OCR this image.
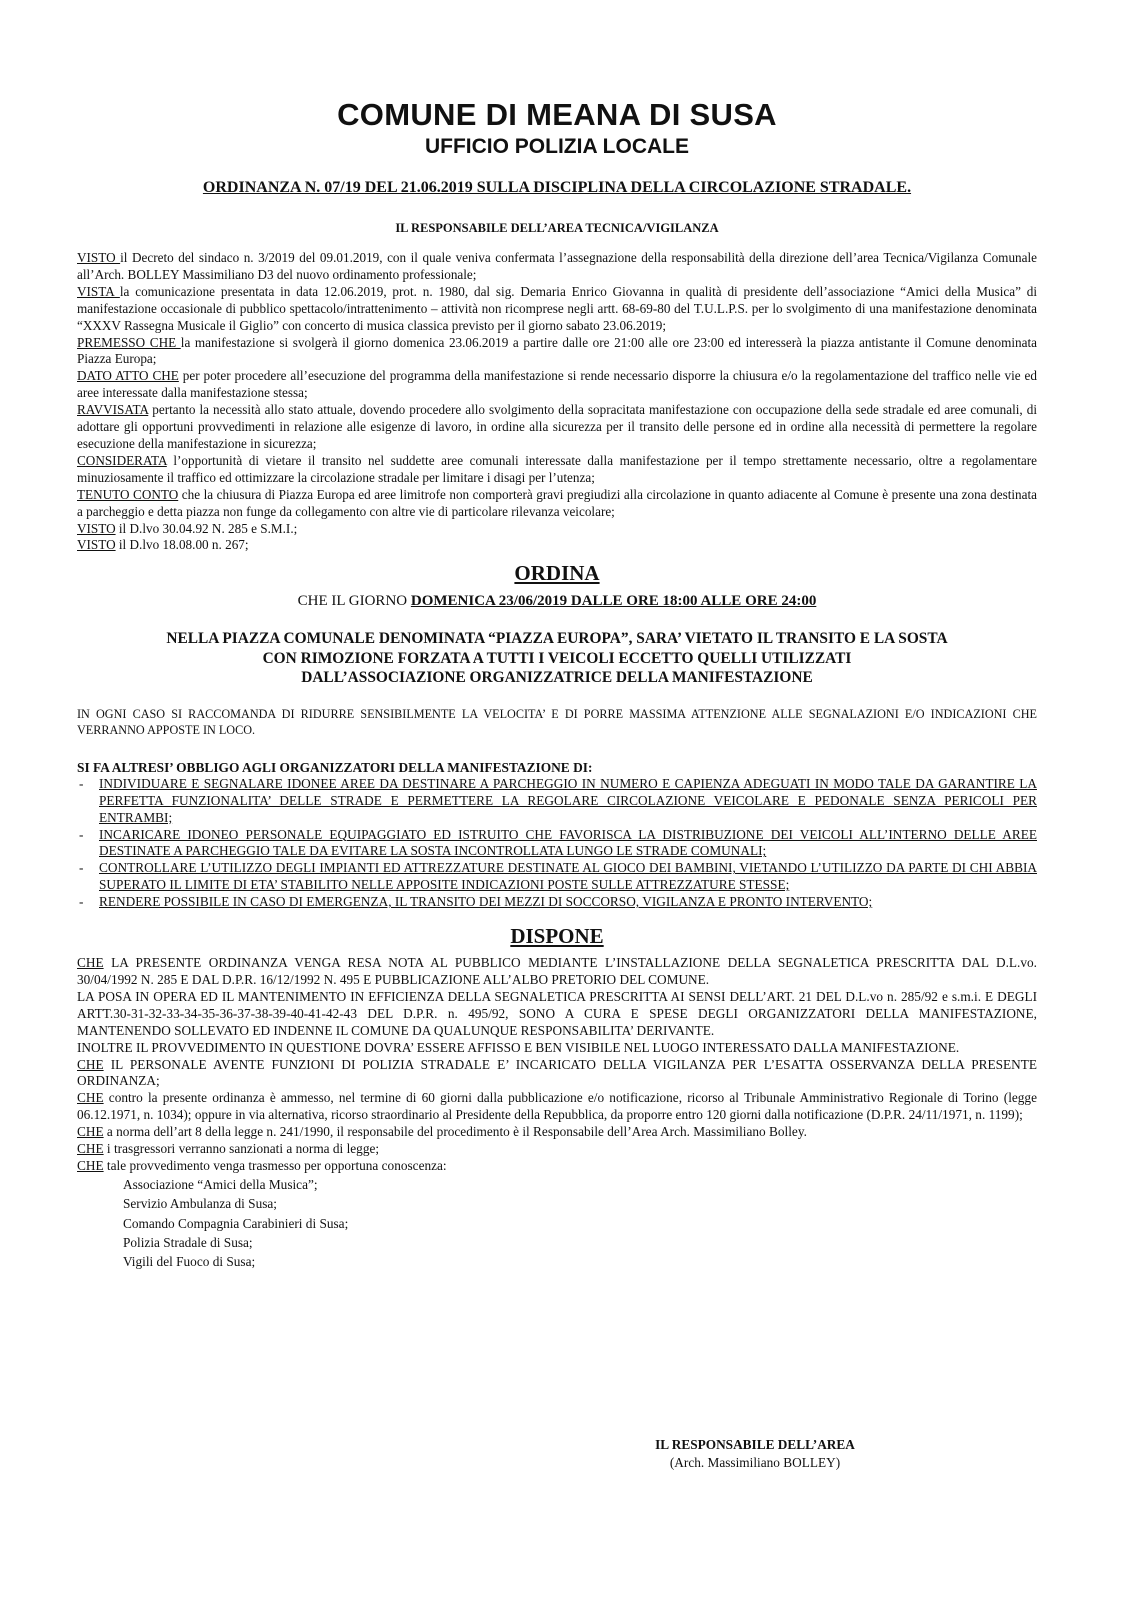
COMUNE DI MEANA DI SUSA
UFFICIO POLIZIA LOCALE
ORDINANZA N. 07/19 DEL 21.06.2019 SULLA DISCIPLINA DELLA CIRCOLAZIONE STRADALE.
IL RESPONSABILE DELL’AREA TECNICA/VIGILANZA

VISTO il Decreto del sindaco n. 3/2019 del 09.01.2019, con il quale veniva confermata l’assegnazione della responsabilità della direzione dell’area Tecnica/Vigilanza Comunale all’Arch. BOLLEY Massimiliano D3 del nuovo ordinamento professionale;

VISTA la comunicazione presentata in data 12.06.2019, prot. n. 1980, dal sig. Demaria Enrico Giovanna in qualità di presidente dell’associazione “Amici della Musica” di manifestazione occasionale di pubblico spettacolo/intrattenimento – attività non ricomprese negli artt. 68-69-80 del T.U.L.P.S. per lo svolgimento di una manifestazione denominata “XXXV Rassegna Musicale il Giglio” con concerto di musica classica previsto per il giorno sabato 23.06.2019;

PREMESSO CHE la manifestazione si svolgerà il giorno domenica 23.06.2019 a partire dalle ore 21:00 alle ore 23:00 ed interesserà la piazza antistante il Comune denominata Piazza Europa;

DATO ATTO CHE per poter procedere all’esecuzione del programma della manifestazione si rende necessario disporre la chiusura e/o la regolamentazione del traffico nelle vie ed aree interessate dalla manifestazione stessa;

RAVVISATA pertanto la necessità allo stato attuale, dovendo procedere allo svolgimento della sopracitata manifestazione con occupazione della sede stradale ed aree comunali, di adottare gli opportuni provvedimenti in relazione alle esigenze di lavoro, in ordine alla sicurezza per il transito delle persone ed in ordine alla necessità di permettere la regolare esecuzione della manifestazione in sicurezza;

CONSIDERATA l’opportunità di vietare il transito nel suddette aree comunali interessate dalla manifestazione per il tempo strettamente necessario, oltre a regolamentare minuziosamente il traffico ed ottimizzare la circolazione stradale per limitare i disagi per l’utenza;

TENUTO CONTO che la chiusura di Piazza Europa ed aree limitrofe non comporterà gravi pregiudizi alla circolazione in quanto adiacente al Comune è presente una zona destinata a parcheggio e detta piazza non funge da collegamento con altre vie di particolare rilevanza veicolare;

VISTO il D.lvo 30.04.92 N. 285 e S.M.I.;

VISTO il D.lvo 18.08.00 n. 267;

ORDINA
CHE IL GIORNO DOMENICA 23/06/2019 DALLE ORE 18:00 ALLE ORE 24:00
NELLA PIAZZA COMUNALE DENOMINATA “PIAZZA EUROPA”, SARA’ VIETATO IL TRANSITO E LA SOSTA
CON RIMOZIONE FORZATA A TUTTI I VEICOLI ECCETTO QUELLI UTILIZZATI
DALL’ASSOCIAZIONE ORGANIZZATRICE DELLA MANIFESTAZIONE
IN OGNI CASO SI RACCOMANDA DI RIDURRE SENSIBILMENTE LA VELOCITA’ E DI PORRE MASSIMA ATTENZIONE ALLE SEGNALAZIONI E/O INDICAZIONI CHE VERRANNO APPOSTE IN LOCO.
SI FA ALTRESI’ OBBLIGO AGLI ORGANIZZATORI DELLA MANIFESTAZIONE DI:
- INDIVIDUARE E SEGNALARE IDONEE AREE DA DESTINARE A PARCHEGGIO IN NUMERO E CAPIENZA ADEGUATI IN MODO TALE DA GARANTIRE LA PERFETTA FUNZIONALITA’ DELLE STRADE E PERMETTERE LA REGOLARE CIRCOLAZIONE VEICOLARE E PEDONALE SENZA PERICOLI PER ENTRAMBI;
- INCARICARE IDONEO PERSONALE EQUIPAGGIATO ED ISTRUITO CHE FAVORISCA LA DISTRIBUZIONE DEI VEICOLI ALL’INTERNO DELLE AREE DESTINATE A PARCHEGGIO TALE DA EVITARE LA SOSTA INCONTROLLATA LUNGO LE STRADE COMUNALI;
- CONTROLLARE L’UTILIZZO DEGLI IMPIANTI ED ATTREZZATURE DESTINATE AL GIOCO DEI BAMBINI, VIETANDO L’UTILIZZO DA PARTE DI CHI ABBIA SUPERATO IL LIMITE DI ETA’ STABILITO NELLE APPOSITE INDICAZIONI POSTE SULLE ATTREZZATURE STESSE;
- RENDERE POSSIBILE IN CASO DI EMERGENZA, IL TRANSITO DEI MEZZI DI SOCCORSO, VIGILANZA E PRONTO INTERVENTO;
DISPONE

CHE LA PRESENTE ORDINANZA VENGA RESA NOTA AL PUBBLICO MEDIANTE L’INSTALLAZIONE DELLA SEGNALETICA PRESCRITTA DAL D.L.vo. 30/04/1992 N. 285 E DAL D.P.R. 16/12/1992 N. 495 E PUBBLICAZIONE ALL’ALBO PRETORIO DEL COMUNE.

LA POSA IN OPERA ED IL MANTENIMENTO IN EFFICIENZA DELLA SEGNALETICA PRESCRITTA AI SENSI DELL’ART. 21 DEL D.L.vo n. 285/92 e s.m.i. E DEGLI ARTT.30-31-32-33-34-35-36-37-38-39-40-41-42-43 DEL D.P.R. n. 495/92, SONO A CURA E SPESE DEGLI ORGANIZZATORI DELLA MANIFESTAZIONE, MANTENENDO SOLLEVATO ED INDENNE IL COMUNE DA QUALUNQUE RESPONSABILITA’ DERIVANTE.

INOLTRE IL PROVVEDIMENTO IN QUESTIONE DOVRA’ ESSERE AFFISSO E BEN VISIBILE NEL LUOGO INTERESSATO DALLA MANIFESTAZIONE.

CHE IL PERSONALE AVENTE FUNZIONI DI POLIZIA STRADALE E’ INCARICATO DELLA VIGILANZA PER L’ESATTA OSSERVANZA DELLA PRESENTE ORDINANZA;

CHE contro la presente ordinanza è ammesso, nel termine di 60 giorni dalla pubblicazione e/o notificazione, ricorso al Tribunale Amministrativo Regionale di Torino (legge 06.12.1971, n. 1034); oppure in via alternativa, ricorso straordinario al Presidente della Repubblica, da proporre entro 120 giorni dalla notificazione (D.P.R. 24/11/1971, n. 1199);

CHE a norma dell’art 8 della legge n. 241/1990, il responsabile del procedimento è il Responsabile dell’Area Arch. Massimiliano Bolley.

CHE i trasgressori verranno sanzionati a norma di legge;

CHE tale provvedimento venga trasmesso per opportuna conoscenza:

Associazione “Amici della Musica”;
Servizio Ambulanza di Susa;
Comando Compagnia Carabinieri di Susa;
Polizia Stradale di Susa;
Vigili del Fuoco di Susa;
IL RESPONSABILE DELL’AREA
(Arch. Massimiliano BOLLEY)
